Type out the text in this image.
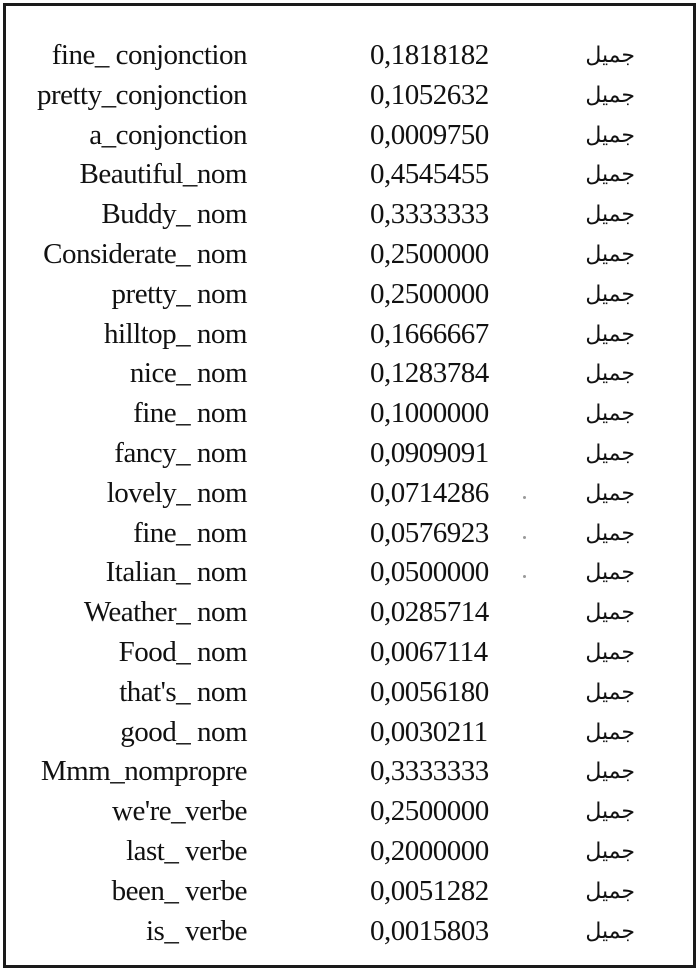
fine_ conjonction	0,1818182	جميل
pretty_conjonction	0,1052632	جميل
a_conjonction	0,0009750	جميل
Beautiful_nom	0,4545455	جميل
Buddy_ nom	0,3333333	جميل
Considerate_ nom	0,2500000	جميل
pretty_ nom	0,2500000	جميل
hilltop_ nom	0,1666667	جميل
nice_ nom	0,1283784	جميل
fine_ nom	0,1000000	جميل
fancy_ nom	0,0909091	جميل
lovely_ nom	0,0714286	جميل
fine_ nom	0,0576923	جميل
Italian_ nom	0,0500000	جميل
Weather_ nom	0,0285714	جميل
Food_ nom	0,0067114	جميل
that's_ nom	0,0056180	جميل
good_ nom	0,0030211	جميل
Mmm_nompropre	0,3333333	جميل
we're_verbe	0,2500000	جميل
last_ verbe	0,2000000	جميل
been_ verbe	0,0051282	جميل
is_ verbe	0,0015803	جميل
